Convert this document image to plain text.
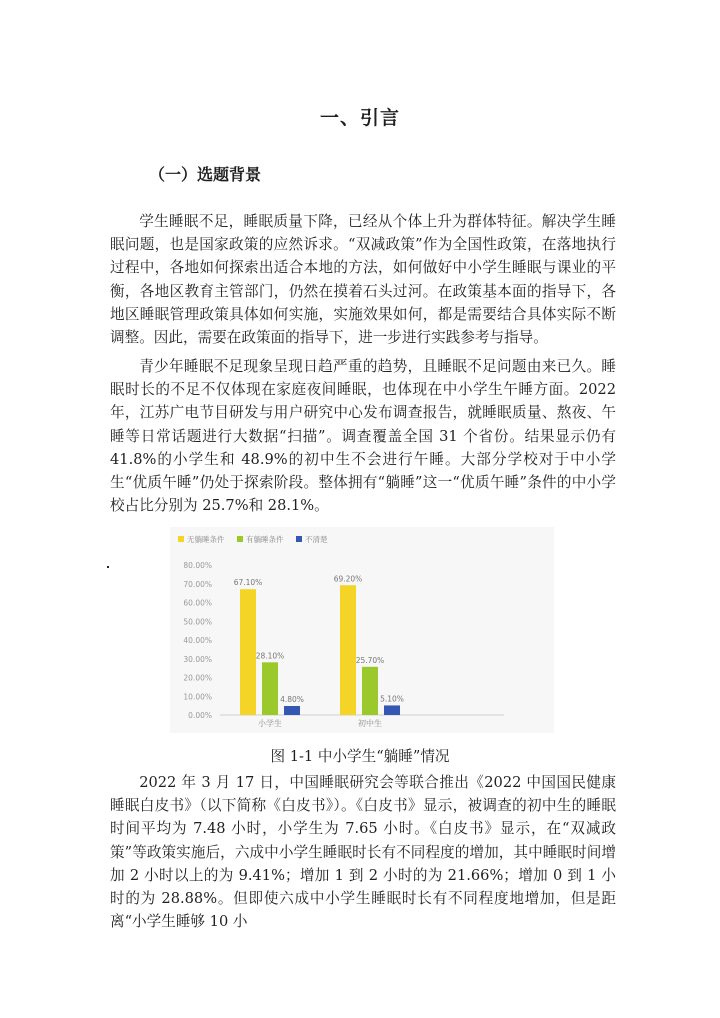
一、引言
（一）选题背景

学生睡眠不足，睡眠质量下降，已经从个体上升为群体特征。解决学生睡眠问题，也是国家政策的应然诉求。“双减政策”作为全国性政策，在落地执行过程中，各地如何探索出适合本地的方法，如何做好中小学生睡眠与课业的平衡，各地区教育主管部门，仍然在摸着石头过河。在政策基本面的指导下，各地区睡眠管理政策具体如何实施，实施效果如何，都是需要结合具体实际不断调整。因此，需要在政策面的指导下，进一步进行实践参考与指导。

青少年睡眠不足现象呈现日趋严重的趋势，且睡眠不足问题由来已久。睡眠时长的不足不仅体现在家庭夜间睡眠，也体现在中小学生午睡方面。2022 年，江苏广电节目研发与用户研究中心发布调查报告，就睡眠质量、熬夜、午睡等日常话题进行大数据“扫描”。调查覆盖全国 31 个省份。结果显示仍有 41.8%的小学生和 48.9%的初中生不会进行午睡。大部分学校对于中小学生“优质午睡”仍处于探索阶段。整体拥有“躺睡”这一“优质午睡”条件的中小学校占比分别为 25.7%和 28.1%。

无躺睡条件	有躺睡条件	不清楚
0.00%
10.00%
20.00%
30.00%
40.00%
50.00%
60.00%
70.00%
80.00%
67.10%
28.10%
4.80%
小学生
69.20%
25.70%
5.10%
初中生
图 1-1 中小学生“躺睡”情况

2022 年 3 月 17 日，中国睡眠研究会等联合推出《2022 中国国民健康睡眠白皮书》（以下简称《白皮书》）。《白皮书》显示，被调查的初中生的睡眠时间平均为 7.48 小时，小学生为 7.65 小时。《白皮书》显示，在“双减政策”等政策实施后，六成中小学生睡眠时长有不同程度的增加，其中睡眠时间增加 2 小时以上的为 9.41%；增加 1 到 2 小时的为 21.66%；增加 0 到 1 小时的为 28.88%。但即使六成中小学生睡眠时长有不同程度地增加，但是距离“小学生睡够 10 小
